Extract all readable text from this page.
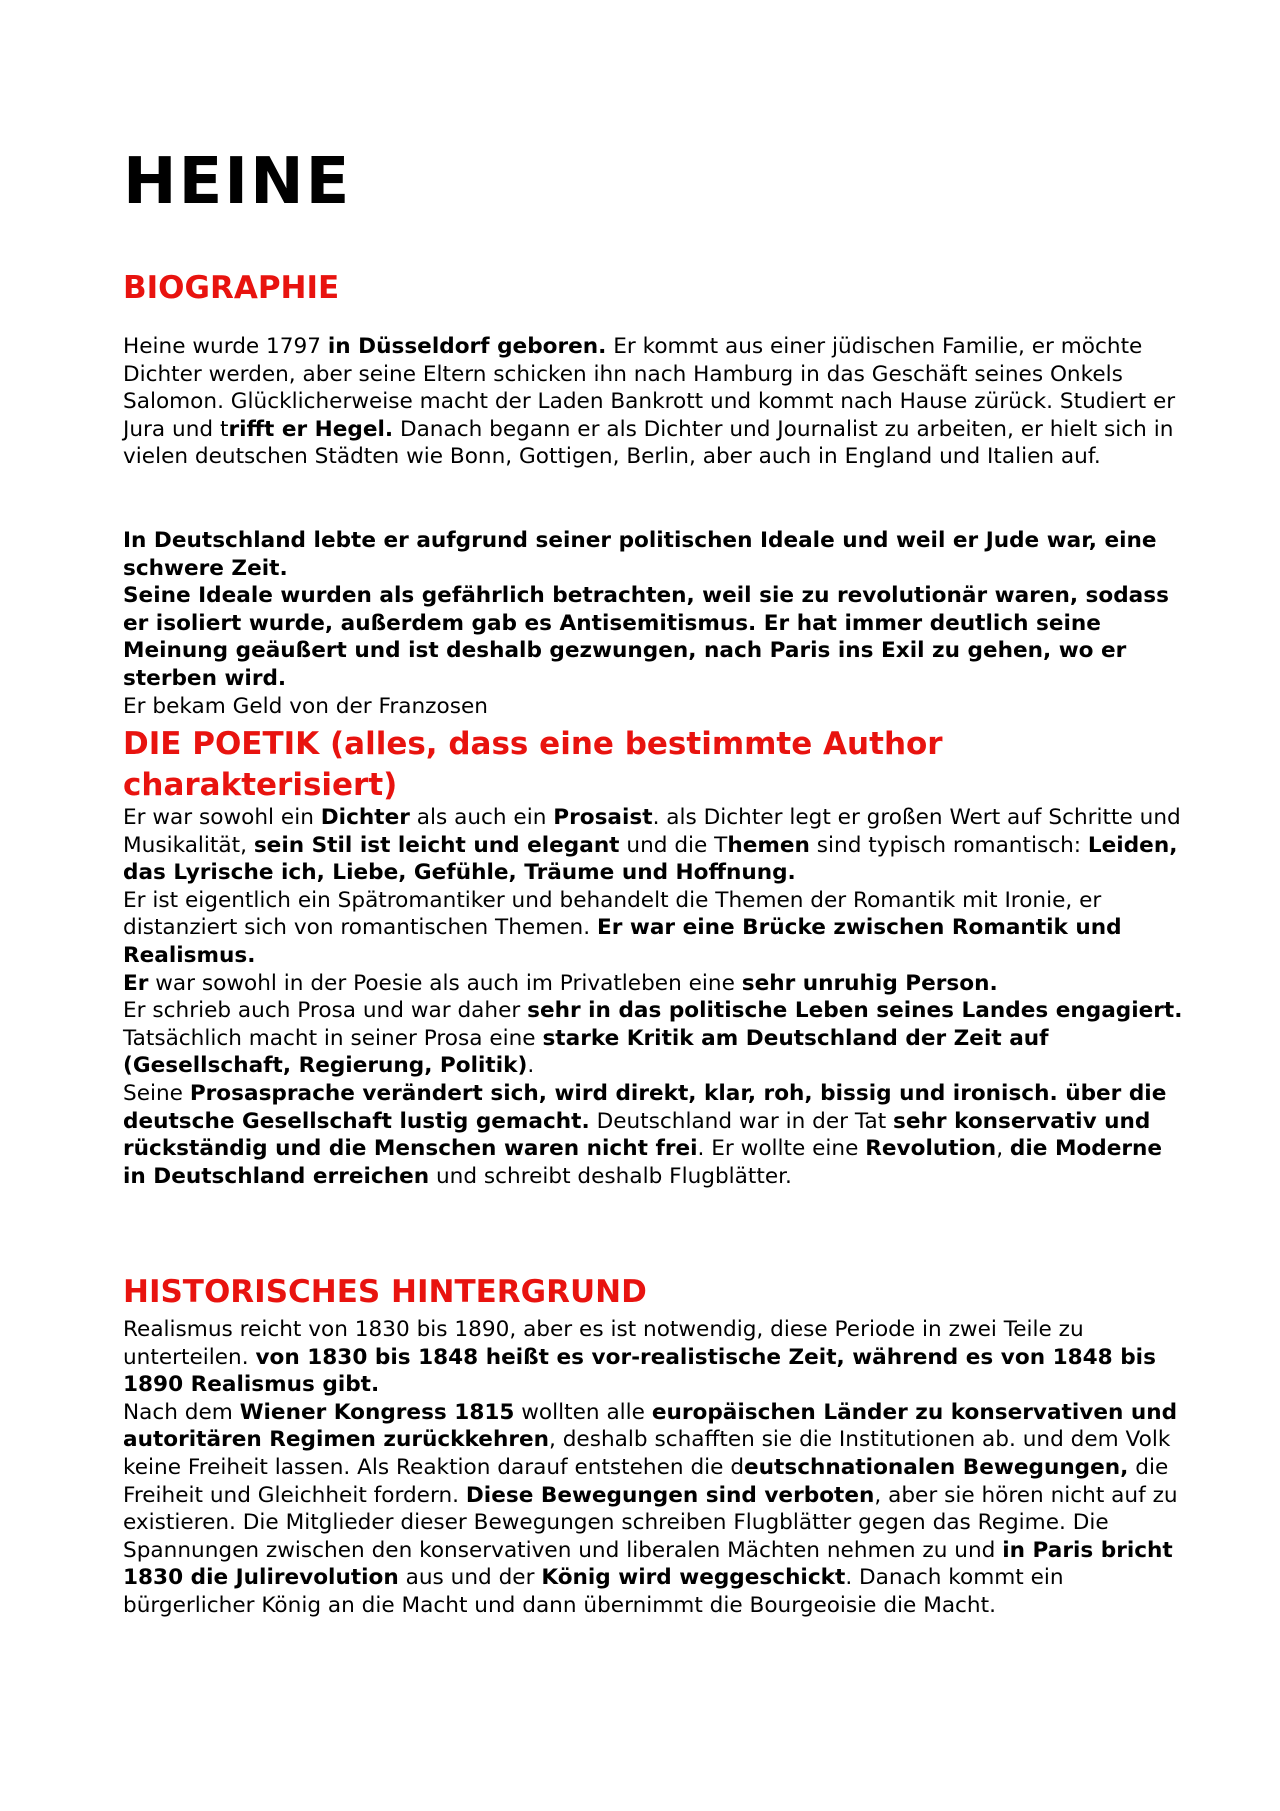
HEINE
BIOGRAPHIE

Heine wurde 1797 in Düsseldorf geboren. Er kommt aus einer jüdischen Familie, er möchte Dichter werden, aber seine Eltern schicken ihn nach Hamburg in das Geschäft seines Onkels Salomon. Glücklicherweise macht der Laden Bankrott und kommt nach Hause zürück. Studiert er Jura und trifft er Hegel. Danach begann er als Dichter und Journalist zu arbeiten, er hielt sich in vielen deutschen Städten wie Bonn, Gottigen, Berlin, aber auch in England und Italien auf.

In Deutschland lebte er aufgrund seiner politischen Ideale und weil er Jude war, eine schwere Zeit.

Seine Ideale wurden als gefährlich betrachten, weil sie zu revolutionär waren, sodass er isoliert wurde, außerdem gab es Antisemitismus. Er hat immer deutlich seine Meinung geäußert und ist deshalb gezwungen, nach Paris ins Exil zu gehen, wo er sterben wird.

Er bekam Geld von der Franzosen

DIE POETIK (alles, dass eine bestimmte Author charakterisiert)

Er war sowohl ein Dichter als auch ein Prosaist. als Dichter legt er großen Wert auf Schritte und Musikalität, sein Stil ist leicht und elegant und die Themen sind typisch romantisch: Leiden, das Lyrische ich, Liebe, Gefühle, Träume und Hoffnung.

Er ist eigentlich ein Spätromantiker und behandelt die Themen der Romantik mit Ironie, er distanziert sich von romantischen Themen. Er war eine Brücke zwischen Romantik und Realismus.

Er war sowohl in der Poesie als auch im Privatleben eine sehr unruhig Person.

Er schrieb auch Prosa und war daher sehr in das politische Leben seines Landes engagiert. Tatsächlich macht in seiner Prosa eine starke Kritik am Deutschland der Zeit auf (Gesellschaft, Regierung, Politik).

Seine Prosasprache verändert sich, wird direkt, klar, roh, bissig und ironisch. über die deutsche Gesellschaft lustig gemacht. Deutschland war in der Tat sehr konservativ und rückständig und die Menschen waren nicht frei. Er wollte eine Revolution, die Moderne in Deutschland erreichen und schreibt deshalb Flugblätter.

HISTORISCHES HINTERGRUND

Realismus reicht von 1830 bis 1890, aber es ist notwendig, diese Periode in zwei Teile zu unterteilen. von 1830 bis 1848 heißt es vor-realistische Zeit, während es von 1848 bis 1890 Realismus gibt.

Nach dem Wiener Kongress 1815 wollten alle europäischen Länder zu konservativen und autoritären Regimen zurückkehren, deshalb schafften sie die Institutionen ab. und dem Volk keine Freiheit lassen. Als Reaktion darauf entstehen die deutschnationalen Bewegungen, die Freiheit und Gleichheit fordern. Diese Bewegungen sind verboten, aber sie hören nicht auf zu existieren. Die Mitglieder dieser Bewegungen schreiben Flugblätter gegen das Regime. Die Spannungen zwischen den konservativen und liberalen Mächten nehmen zu und in Paris bricht 1830 die Julirevolution aus und der König wird weggeschickt. Danach kommt ein bürgerlicher König an die Macht und dann übernimmt die Bourgeoisie die Macht.
